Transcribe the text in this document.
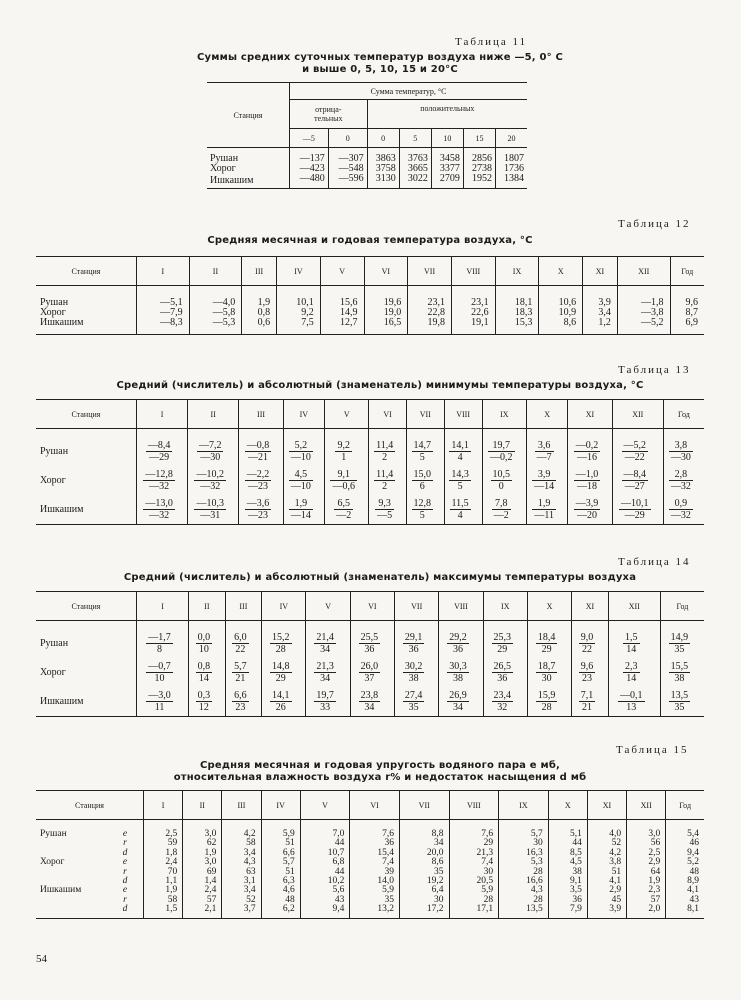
Таблица 11
Суммы средних суточных температур воздуха ниже —5, 0° С
и выше 0, 5, 10, 15 и 20°С
Станция	Сумма температур, °С						
	отрица-
тельных		положительных				
	—5	0	0	5	10	15	20
Рушан	—137	—307	3863	3763	3458	2856	1807
Хорог	—423	—548	3758	3665	3377	2738	1736
Ишкашим	—480	—596	3130	3022	2709	1952	1384
Таблица 12
Средняя месячная и годовая температура воздуха, °С
Станция	I	II	III	IV	V	VI	VII	VIII	IX	X	XI	XII	Год
Рушан	—5,1	—4,0	1,9	10,1	15,6	19,6	23,1	23,1	18,1	10,6	3,9	—1,8	9,6
Хорог	—7,9	—5,8	0,8	9,2	14,9	19,0	22,8	22,6	18,3	10,9	3,4	—3,8	8,7
Ишкашим	—8,3	—5,3	0,6	7,5	12,7	16,5	19,8	19,1	15,3	8,6	1,2	—5,2	6,9
Таблица 13
Средний (числитель) и абсолютный (знаменатель) минимумы температуры воздуха, °С
Станция	I	II	III	IV	V	VI	VII	VIII	IX	X	XI	XII	Год
Рушан	$\frac{—8,4}{—29}$	$\frac{—7,2}{—30}$	$\frac{—0,8}{—21}$	$\frac{5,2}{—10}$	$\frac{9,2}{1}$	$\frac{11,4}{2}$	$\frac{14,7}{5}$	$\frac{14,1}{4}$	$\frac{19,7}{—0,2}$	$\frac{3,6}{—7}$	$\frac{—0,2}{—16}$	$\frac{—5,2}{—22}$	$\frac{3,8}{—30}$

Хорог	$\frac{—12,8}{—32}$	$\frac{—10,2}{—32}$	$\frac{—2,2}{—23}$	$\frac{4,5}{—10}$	$\frac{9,1}{—0,6}$	$\frac{11,4}{2}$	$\frac{15,0}{6}$	$\frac{14,3}{5}$	$\frac{10,5}{0}$	$\frac{3,9}{—14}$	$\frac{—1,0}{—18}$	$\frac{—8,4}{—27}$	$\frac{2,8}{—32}$

Ишкашим	$\frac{—13,0}{—32}$	$\frac{—10,3}{—31}$	$\frac{—3,6}{—23}$	$\frac{1,9}{—14}$	$\frac{6,5}{—2}$	$\frac{9,3}{—5}$	$\frac{12,8}{5}$	$\frac{11,5}{4}$	$\frac{7,8}{—2}$	$\frac{1,9}{—11}$	$\frac{—3,9}{—20}$	$\frac{—10,1}{—29}$	$\frac{0,9}{—32}$
Таблица 14
Средний (числитель) и абсолютный (знаменатель) максимумы температуры воздуха
Станция	I	II	III	IV	V	VI	VII	VIII	IX	X	XI	XII	Год
Рушан	$\frac{—1,7}{8}$	$\frac{0,0}{10}$	$\frac{6,0}{22}$	$\frac{15,2}{28}$	$\frac{21,4}{34}$	$\frac{25,5}{36}$	$\frac{29,1}{36}$	$\frac{29,2}{36}$	$\frac{25,3}{29}$	$\frac{18,4}{29}$	$\frac{9,0}{22}$	$\frac{1,5}{14}$	$\frac{14,9}{35}$

Хорог	$\frac{—0,7}{10}$	$\frac{0,8}{14}$	$\frac{5,7}{21}$	$\frac{14,8}{29}$	$\frac{21,3}{34}$	$\frac{26,0}{37}$	$\frac{30,2}{38}$	$\frac{30,3}{38}$	$\frac{26,5}{36}$	$\frac{18,7}{30}$	$\frac{9,6}{23}$	$\frac{2,3}{14}$	$\frac{15,5}{38}$

Ишкашим	$\frac{—3,0}{11}$	$\frac{0,3}{12}$	$\frac{6,6}{23}$	$\frac{14,1}{26}$	$\frac{19,7}{33}$	$\frac{23,8}{34}$	$\frac{27,4}{35}$	$\frac{26,9}{34}$	$\frac{23,4}{32}$	$\frac{15,9}{28}$	$\frac{7,1}{21}$	$\frac{—0,1}{13}$	$\frac{13,5}{35}$
Таблица 15
Средняя месячная и годовая упругость водяного пара e мб,
относительная влажность воздуха r% и недостаток насыщения d мб
Станция		I	II	III	IV	V	VI	VII	VIII	IX	X	XI	XII	Год
Рушан	e	2,5	3,0	4,2	5,9	7,0	7,6	8,8	7,6	5,7	5,1	4,0	3,0	5,4
	r	59	62	58	51	44	36	34	29	30	44	52	56	46
	d	1,8	1,9	3,4	6,6	10,7	15,4	20,0	21,3	16,3	8,5	4,2	2,5	9,4
Хорог	e	2,4	3,0	4,3	5,7	6,8	7,4	8,6	7,4	5,3	4,5	3,8	2,9	5,2
	r	70	69	63	51	44	39	35	30	28	38	51	64	48
	d	1,1	1,4	3,1	6,3	10,2	14,0	19,2	20,5	16,6	9,1	4,1	1,9	8,9
Ишкашим	e	1,9	2,4	3,4	4,6	5,6	5,9	6,4	5,9	4,3	3,5	2,9	2,3	4,1
	r	58	57	52	48	43	35	30	28	28	36	45	57	43
	d	1,5	2,1	3,7	6,2	9,4	13,2	17,2	17,1	13,5	7,9	3,9	2,0	8,1
54
